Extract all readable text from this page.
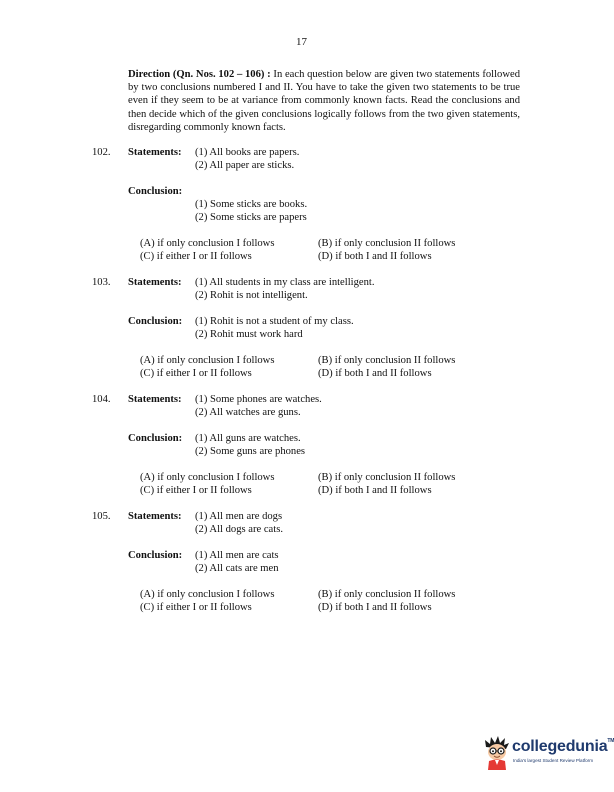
17
Direction (Qn. Nos. 102 – 106) : In each question below are given two statements followed by two conclusions numbered I and II. You have to take the given two statements to be true even if they seem to be at variance from commonly known facts. Read the conclusions and then decide which of the given conclusions logically follows from the two given statements, disregarding commonly known facts.
102. Statements: (1) All books are papers.
(2) All paper are sticks.
Conclusion:
(1) Some sticks are books.
(2) Some sticks are papers
(A) if only conclusion I follows	(B) if only conclusion II follows
(C) if either I or II follows	(D) if both I and II follows
103. Statements: (1) All students in my class are intelligent.
(2) Rohit is not intelligent.
Conclusion: (1) Rohit is not a student of my class.
(2) Rohit must work hard
(A) if only conclusion I follows	(B) if only conclusion II follows
(C) if either I or II follows	(D) if both I and II follows
104. Statements: (1) Some phones are watches.
(2) All watches are guns.
Conclusion: (1) All guns are watches.
(2) Some guns are phones
(A) if only conclusion I follows	(B) if only conclusion II follows
(C) if either I or II follows	(D) if both I and II follows
105. Statements: (1) All men are dogs
(2) All dogs are cats.
Conclusion: (1) All men are cats
(2) All cats are men
(A) if only conclusion I follows	(B) if only conclusion II follows
(C) if either I or II follows	(D) if both I and II follows
collegedunia™
India's largest Student Review Platform
